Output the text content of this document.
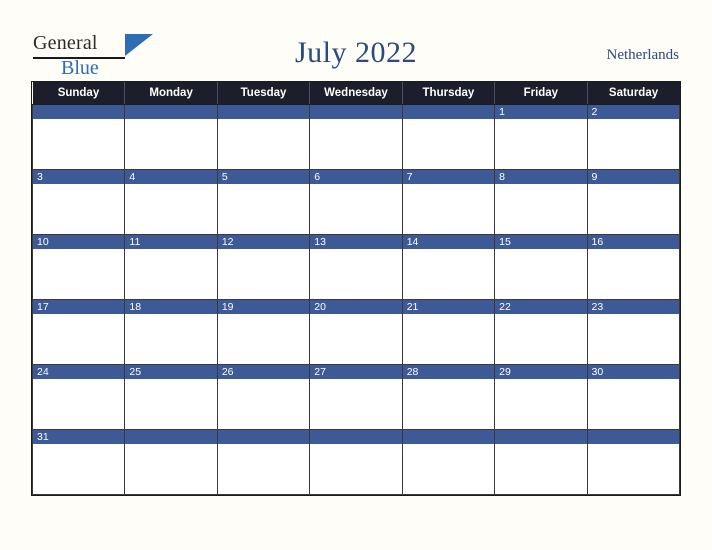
General
Blue	July 2022	Netherlands
Sunday	Monday	Tuesday	Wednesday	Thursday	Friday	Saturday

					1	2

3	4	5	6	7	8	9

10	11	12	13	14	15	16

17	18	19	20	21	22	23

24	25	26	27	28	29	30

31						
